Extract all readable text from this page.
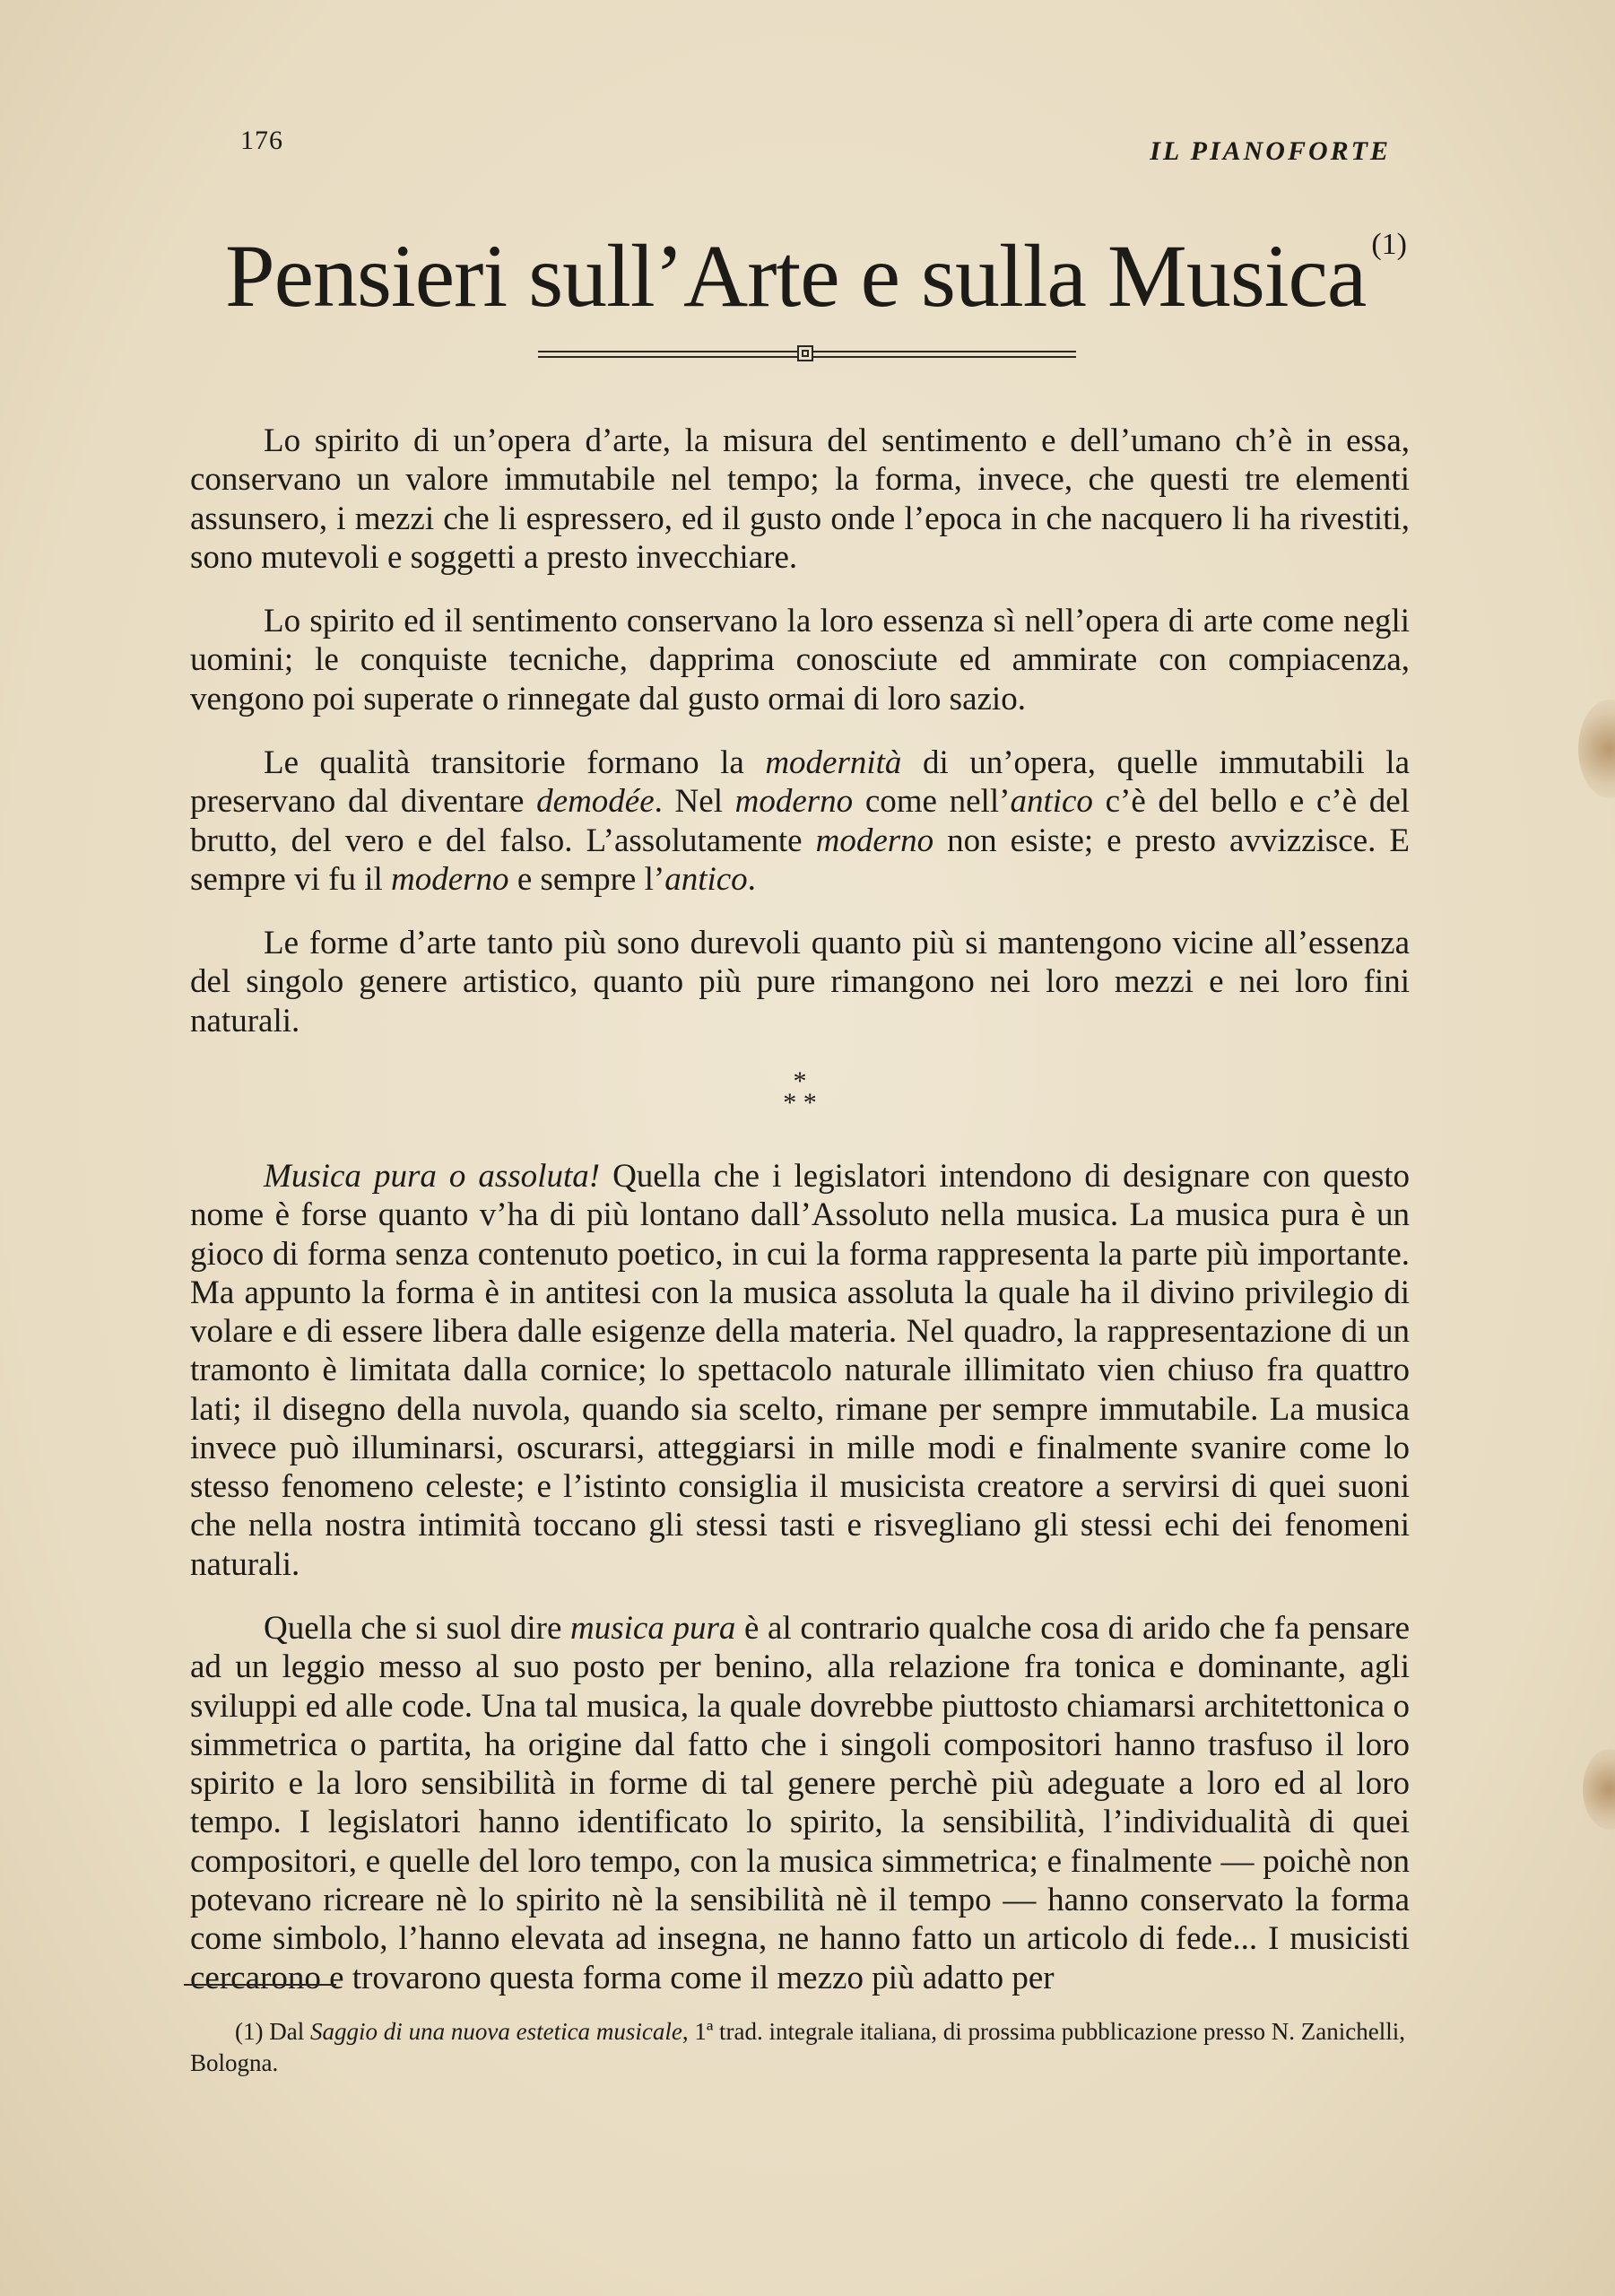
176	IL PIANOFORTE
Pensieri sull’Arte e sulla Musica $^{(1)}$

Lo spirito di un’opera d’arte, la misura del sentimento e dell’umano ch’è in essa, conservano un valore immutabile nel tempo; la forma, invece, che questi tre elementi assunsero, i mezzi che li espressero, ed il gusto onde l’epoca in che nacquero li ha rivestiti, sono mutevoli e soggetti a presto invecchiare.

Lo spirito ed il sentimento conservano la loro essenza sì nell’opera di arte come negli uomini; le conquiste tecniche, dapprima conosciute ed ammirate con compiacenza, vengono poi superate o rinnegate dal gusto ormai di loro sazio.

Le qualità transitorie formano la modernità di un’opera, quelle immutabili la preservano dal diventare demodée. Nel moderno come nell’antico c’è del bello e c’è del brutto, del vero e del falso. L’assolutamente moderno non esiste; e presto avvizzisce. E sempre vi fu il moderno e sempre l’antico.

Le forme d’arte tanto più sono durevoli quanto più si mantengono vicine all’essenza del singolo genere artistico, quanto più pure rimangono nei loro mezzi e nei loro fini naturali.

*
* *

Musica pura o assoluta! Quella che i legislatori intendono di designare con questo nome è forse quanto v’ha di più lontano dall’Assoluto nella musica. La musica pura è un gioco di forma senza contenuto poetico, in cui la forma rappresenta la parte più importante. Ma appunto la forma è in antitesi con la musica assoluta la quale ha il divino privilegio di volare e di essere libera dalle esigenze della materia. Nel quadro, la rappresentazione di un tramonto è limitata dalla cornice; lo spettacolo naturale illimitato vien chiuso fra quattro lati; il disegno della nuvola, quando sia scelto, rimane per sempre immutabile. La musica invece può illuminarsi, oscurarsi, atteggiarsi in mille modi e finalmente svanire come lo stesso fenomeno celeste; e l’istinto consiglia il musicista creatore a servirsi di quei suoni che nella nostra intimità toccano gli stessi tasti e risvegliano gli stessi echi dei fenomeni naturali.

Quella che si suol dire musica pura è al contrario qualche cosa di arido che fa pensare ad un leggio messo al suo posto per benino, alla relazione fra tonica e dominante, agli sviluppi ed alle code. Una tal musica, la quale dovrebbe piuttosto chiamarsi architettonica o simmetrica o partita, ha origine dal fatto che i singoli compositori hanno trasfuso il loro spirito e la loro sensibilità in forme di tal genere perchè più adeguate a loro ed al loro tempo. I legislatori hanno identificato lo spirito, la sensibilità, l’individualità di quei compositori, e quelle del loro tempo, con la musica simmetrica; e finalmente — poichè non potevano ricreare nè lo spirito nè la sensibilità nè il tempo — hanno conservato la forma come simbolo, l’hanno elevata ad insegna, ne hanno fatto un articolo di fede... I musicisti cercarono e trovarono questa forma come il mezzo più adatto per

(1) Dal Saggio di una nuova estetica musicale, 1ª trad. integrale italiana, di prossima pubblicazione presso N. Zanichelli, Bologna.
